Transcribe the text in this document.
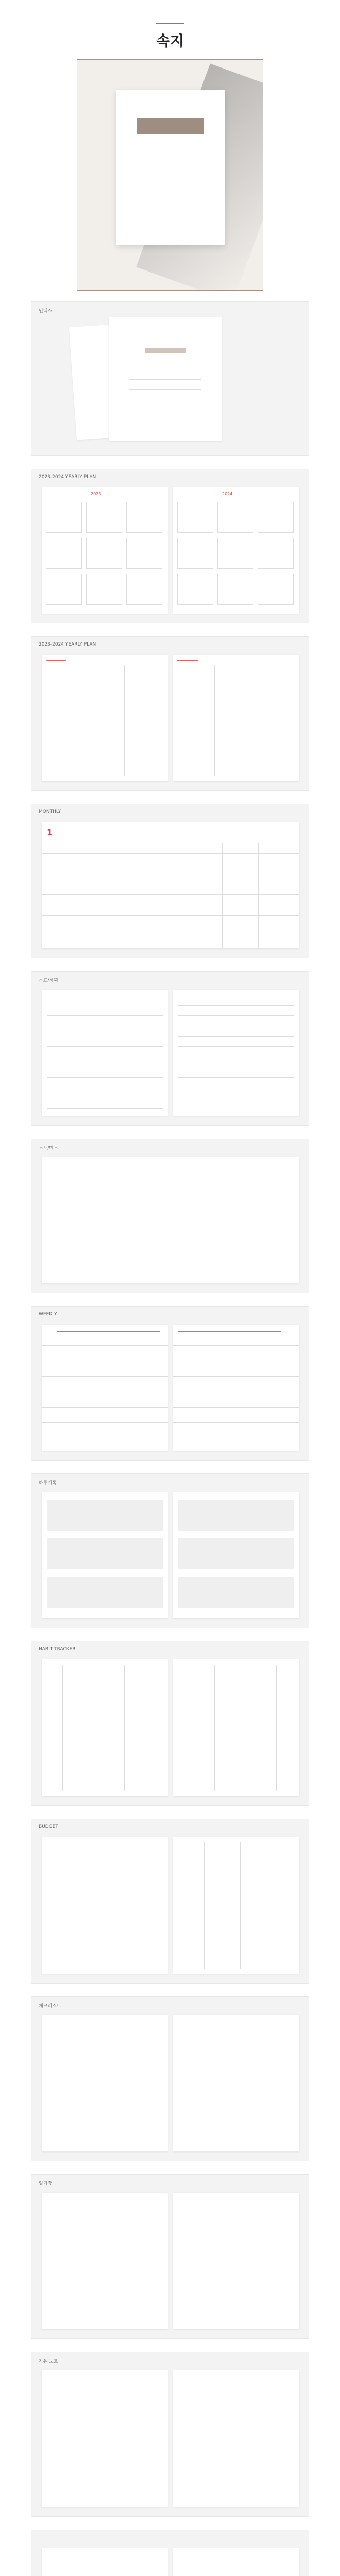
속지
인덱스
2023-2024 YEARLY PLAN
2023	2024
2023-2024 YEARLY PLAN
MONTHLY
1
목표/계획
노트/메모
WEEKLY
하루기록
HABIT TRACKER
BUDGET
체크리스트
일기장
자유 노트
